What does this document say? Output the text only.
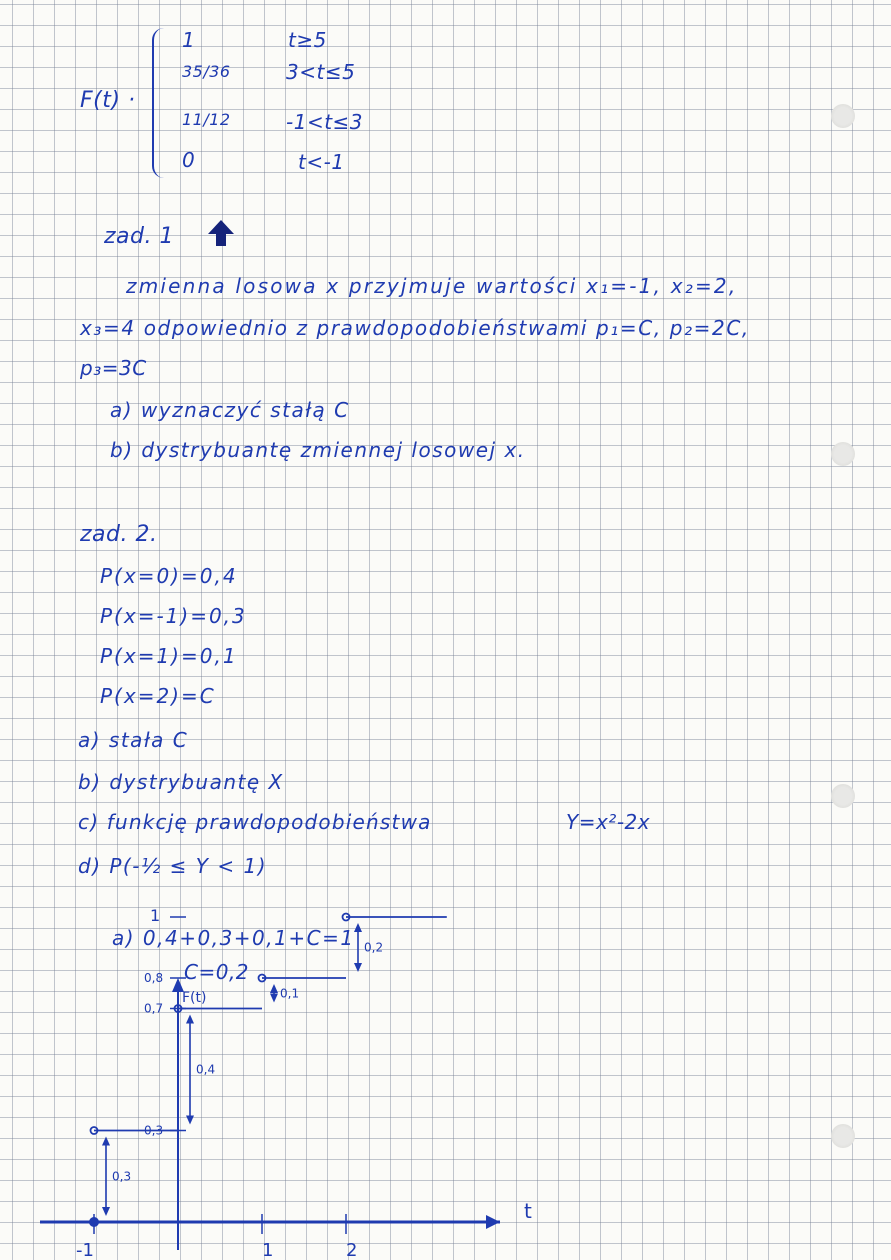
F(t) ·
1	t≥5
35/36	3<t≤5
11/12	-1<t≤3
0	t<-1
zad. 1
zmienna losowa x przyjmuje wartości x₁=-1, x₂=2,
x₃=4 odpowiednio z prawdopodobieństwami p₁=C, p₂=2C,
p₃=3C
a) wyznaczyć stałą C
b) dystrybuantę zmiennej losowej x.
zad. 2.
P(x=0)=0,4
P(x=-1)=0,3
P(x=1)=0,1
P(x=2)=C
a) stała C
b) dystrybuantę X
c) funkcję prawdopodobieństwa	Y=x²-2x
d) P(-½ ≤ Y < 1)
a) 0,4+0,3+0,1+C=1
C=0,2
F(t)
t
-1	1	2
1
0,8
0,7
0,3
0,3
0,4
0,1
0,2
